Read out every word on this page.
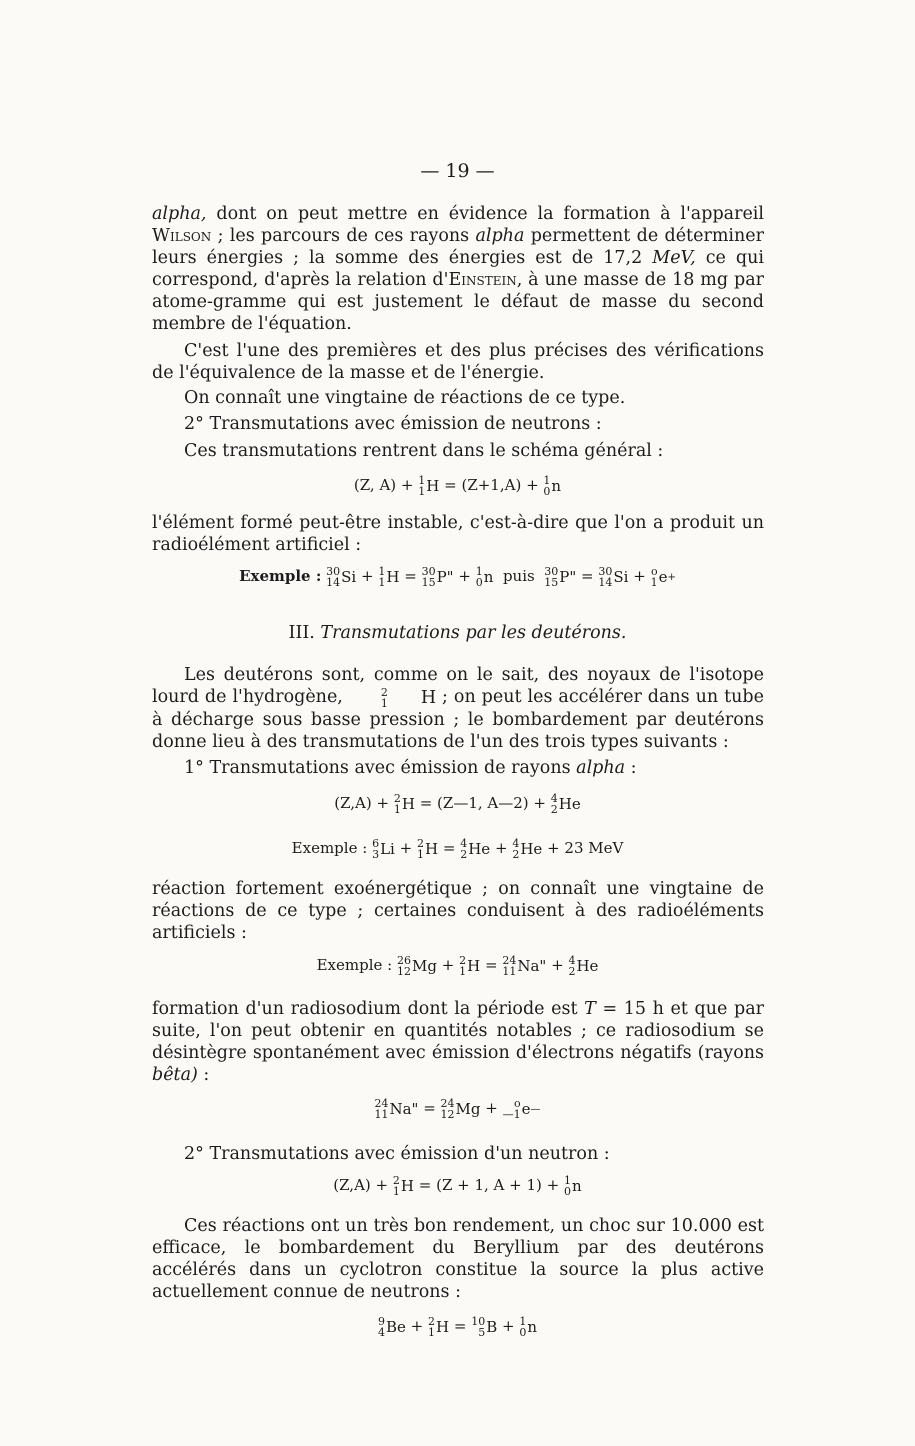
— 19 —

alpha, dont on peut mettre en évidence la formation à l'appareil Wilson ; les parcours de ces rayons alpha permettent de déterminer leurs énergies ; la somme des énergies est de 17,2 MeV, ce qui correspond, d'après la relation d'Einstein, à une masse de 18 mg par atome-gramme qui est justement le défaut de masse du second membre de l'équation.

C'est l'une des premières et des plus précises des vérifications de l'équivalence de la masse et de l'énergie.

On connaît une vingtaine de réactions de ce type.

2° Transmutations avec émission de neutrons :

Ces transmutations rentrent dans le schéma général :

(Z, A) + 1
1 H = (Z+1,A) + 1
0 n

l'élément formé peut-être instable, c'est-à-dire que l'on a produit un radioélément artificiel :

Exemple : 30
14 Si + 1
1 H = 30
15 P" + 1
0 n puis 30
15 P" = 30
14 Si + o
1 e +
III. Transmutations par les deutérons.

Les deutérons sont, comme on le sait, des noyaux de l'isotope lourd de l'hydrogène,	2
1	H ; on peut les accélérer dans un tube à décharge sous basse pression ; le bombardement par deutérons donne lieu à des transmutations de l'un des trois types suivants :

1° Transmutations avec émission de rayons alpha :

(Z,A) + 2
1 H = (Z—1, A—2) + 4
2 He
Exemple : 6
3 Li + 2
1 H = 4
2 He + 4
2 He + 23 MeV

réaction fortement exoénergétique ; on connaît une vingtaine de réactions de ce type ; certaines conduisent à des radioéléments artificiels :

Exemple : 26
12 Mg + 2
1 H = 24
11 Na" + 4
2 He

formation d'un radiosodium dont la période est T = 15 h et que par suite, l'on peut obtenir en quantités notables ; ce radiosodium se désintègre spontanément avec émission d'électrons négatifs (rayons bêta) :

24
11 Na" = 24
12 Mg + o
—1 e —

2° Transmutations avec émission d'un neutron :

(Z,A) + 2
1 H = (Z + 1, A + 1) + 1
0 n

Ces réactions ont un très bon rendement, un choc sur 10.000 est efficace, le bombardement du Beryllium par des deutérons accélérés dans un cyclotron constitue la source la plus active actuellement connue de neutrons :

9
4 Be + 2
1 H = 10
5 B + 1
0 n
